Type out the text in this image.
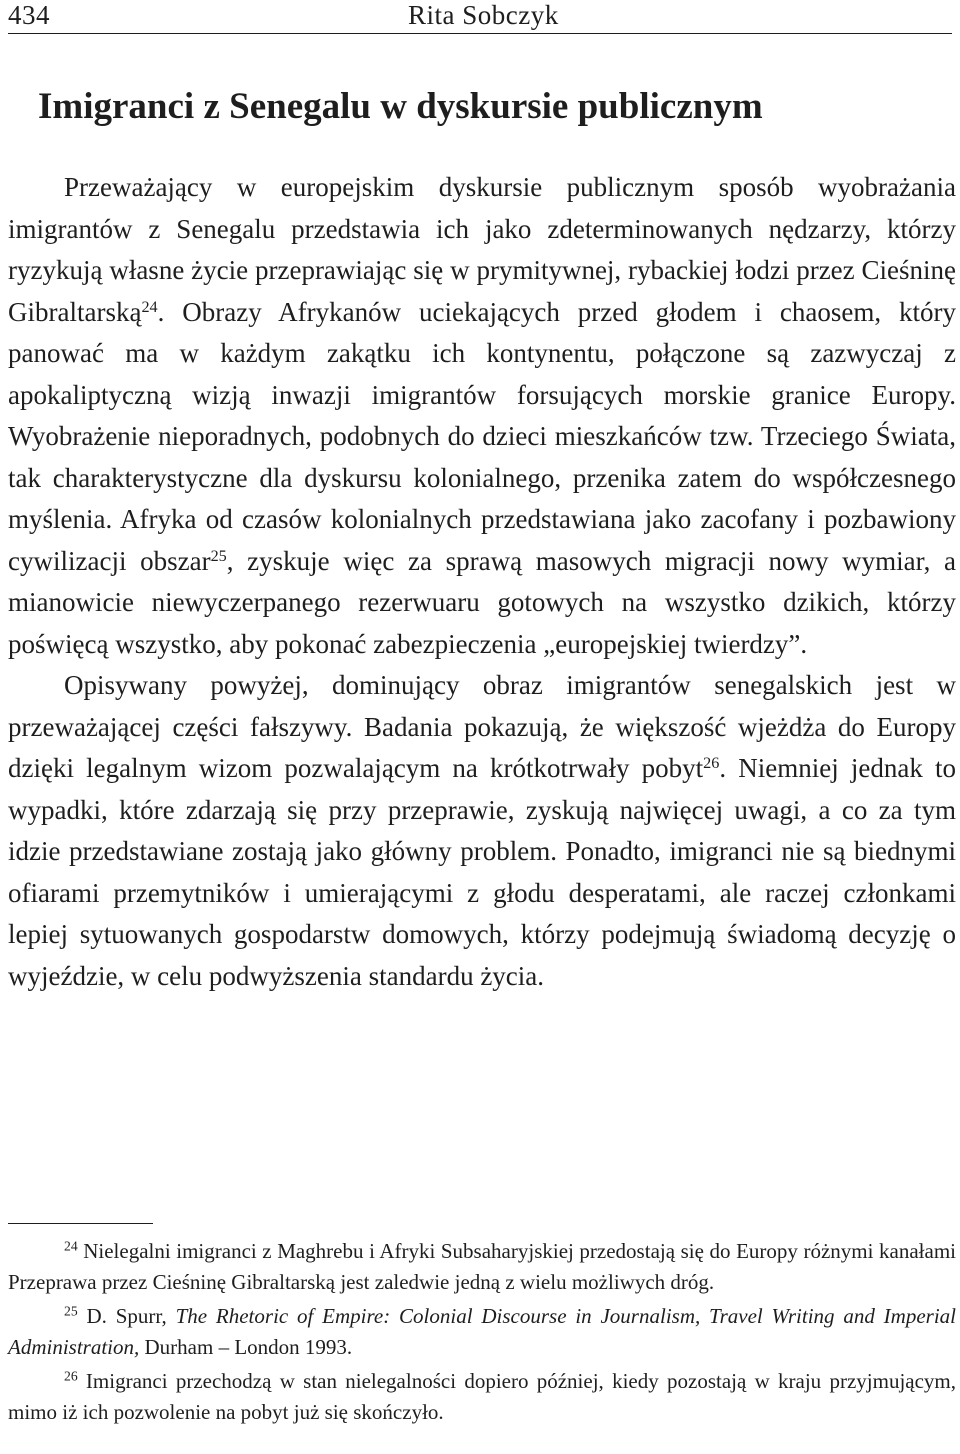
434	Rita Sobczyk
Imigranci z Senegalu w dyskursie publicznym

Przeważający w europejskim dyskursie publicznym sposób wyobrażania imigrantów z Senegalu przedstawia ich jako zdeterminowanych nędzarzy, którzy ryzykują własne życie przeprawiając się w prymitywnej, rybackiej łodzi przez Cieśninę Gibraltarską$^{24}$. Obrazy Afrykanów uciekających przed głodem i chaosem, który panować ma w każdym zakątku ich kontynentu, połączone są zazwyczaj z apokaliptyczną wizją inwazji imigrantów forsujących morskie granice Europy. Wyobrażenie nieporadnych, podobnych do dzieci mieszkańców tzw. Trzeciego Świata, tak charakterystyczne dla dyskursu kolonialnego, przenika zatem do współczesnego myślenia. Afryka od czasów kolonialnych przedstawiana jako zacofany i pozbawiony cywilizacji obszar$^{25}$, zyskuje więc za sprawą masowych migracji nowy wymiar, a mianowicie niewyczerpanego rezerwuaru gotowych na wszystko dzikich, którzy poświęcą wszystko, aby pokonać zabezpieczenia „europejskiej twierdzy”.

Opisywany powyżej, dominujący obraz imigrantów senegalskich jest w przeważającej części fałszywy. Badania pokazują, że większość wjeżdża do Europy dzięki legalnym wizom pozwalającym na krótkotrwały pobyt$^{26}$. Niemniej jednak to wypadki, które zdarzają się przy przeprawie, zyskują najwięcej uwagi, a co za tym idzie przedstawiane zostają jako główny problem. Ponadto, imigranci nie są biednymi ofiarami przemytników i umierającymi z głodu desperatami, ale raczej członkami lepiej sytuowanych gospodarstw domowych, którzy podejmują świadomą decyzję o wyjeździe, w celu podwyższenia standardu życia.

$^{24}$ Nielegalni imigranci z Maghrebu i Afryki Subsaharyjskiej przedostają się do Europy różnymi kanałami Przeprawa przez Cieśninę Gibraltarską jest zaledwie jedną z wielu możliwych dróg.

$^{25}$ D. Spurr, The Rhetoric of Empire: Colonial Discourse in Journalism, Travel Writing and Imperial Administration, Durham – London 1993.

$^{26}$ Imigranci przechodzą w stan nielegalności dopiero później, kiedy pozostają w kraju przyjmującym, mimo iż ich pozwolenie na pobyt już się skończyło.
